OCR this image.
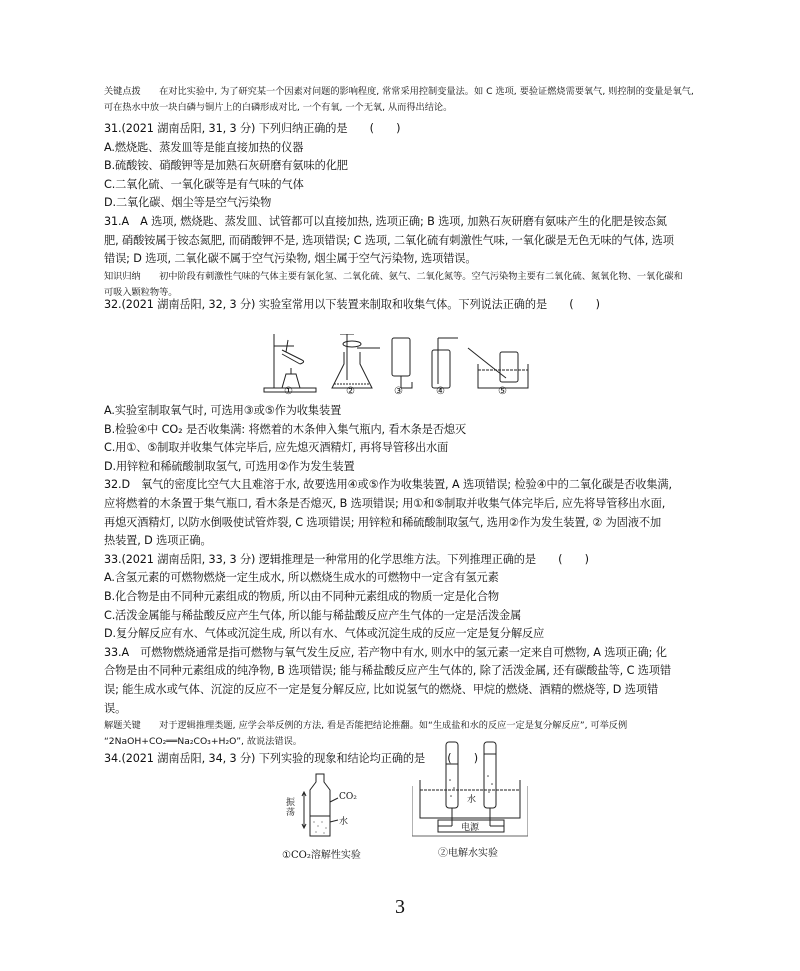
关键点拨　　在对比实验中, 为了研究某一个因素对问题的影响程度, 常常采用控制变量法。如 C 选项, 要验证燃烧需要氧气, 则控制的变量是氧气,
可在热水中放一块白磷与铜片上的白磷形成对比, 一个有氧, 一个无氧, 从而得出结论。
31.(2021 湖南岳阳, 31, 3 分) 下列归纳正确的是　　(　　)
A.燃烧匙、蒸发皿等是能直接加热的仪器
B.硫酸铵、硝酸钾等是加熟石灰研磨有氨味的化肥
C.二氧化硫、一氧化碳等是有气味的气体
D.二氧化碳、烟尘等是空气污染物
31.A　A 选项, 燃烧匙、蒸发皿、试管都可以直接加热, 选项正确; B 选项, 加熟石灰研磨有氨味产生的化肥是铵态氮
肥, 硝酸铵属于铵态氮肥, 而硝酸钾不是, 选项错误; C 选项, 二氧化硫有刺激性气味, 一氧化碳是无色无味的气体, 选项
错误; D 选项, 二氧化碳不属于空气污染物, 烟尘属于空气污染物, 选项错误。
知识归纳　　初中阶段有刺激性气味的气体主要有氯化氢、二氧化硫、氨气、二氧化氮等。空气污染物主要有二氧化硫、氮氧化物、一氧化碳和
可吸入颗粒物等。
32.(2021 湖南岳阳, 32, 3 分) 实验室常用以下装置来制取和收集气体。下列说法正确的是　　(　　)
①	②	③	④	⑤
A.实验室制取氧气时, 可选用③或⑤作为收集装置
B.检验④中 CO₂ 是否收集满: 将燃着的木条伸入集气瓶内, 看木条是否熄灭
C.用①、⑤制取并收集气体完毕后, 应先熄灭酒精灯, 再将导管移出水面
D.用锌粒和稀硫酸制取氢气, 可选用②作为发生装置
32.D　氧气的密度比空气大且难溶于水, 故要选用④或⑤作为收集装置, A 选项错误; 检验④中的二氧化碳是否收集满,
应将燃着的木条置于集气瓶口, 看木条是否熄灭, B 选项错误; 用①和⑤制取并收集气体完毕后, 应先将导管移出水面,
再熄灭酒精灯, 以防水倒吸使试管炸裂, C 选项错误; 用锌粒和稀硫酸制取氢气, 选用②作为发生装置, ② 为固液不加
热装置, D 选项正确。
33.(2021 湖南岳阳, 33, 3 分) 逻辑推理是一种常用的化学思维方法。下列推理正确的是　　(　　)
A.含氢元素的可燃物燃烧一定生成水, 所以燃烧生成水的可燃物中一定含有氢元素
B.化合物是由不同种元素组成的物质, 所以由不同种元素组成的物质一定是化合物
C.活泼金属能与稀盐酸反应产生气体, 所以能与稀盐酸反应产生气体的一定是活泼金属
D.复分解反应有水、气体或沉淀生成, 所以有水、气体或沉淀生成的反应一定是复分解反应
33.A　可燃物燃烧通常是指可燃物与氧气发生反应, 若产物中有水, 则水中的氢元素一定来自可燃物, A 选项正确; 化
合物是由不同种元素组成的纯净物, B 选项错误; 能与稀盐酸反应产生气体的, 除了活泼金属, 还有碳酸盐等, C 选项错
误; 能生成水或气体、沉淀的反应不一定是复分解反应, 比如说氢气的燃烧、甲烷的燃烧、酒精的燃烧等, D 选项错
误。
解题关键　　对于逻辑推理类题, 应学会举反例的方法, 看是否能把结论推翻。如“生成盐和水的反应一定是复分解反应”, 可举反例
“2NaOH+CO₂══Na₂CO₃+H₂O”, 故说法错误。
34.(2021 湖南岳阳, 34, 3 分) 下列实验的现象和结论均正确的是　　(　　)
振荡
CO₂
水
①CO₂溶解性实验
水
电源
②电解水实验
3
